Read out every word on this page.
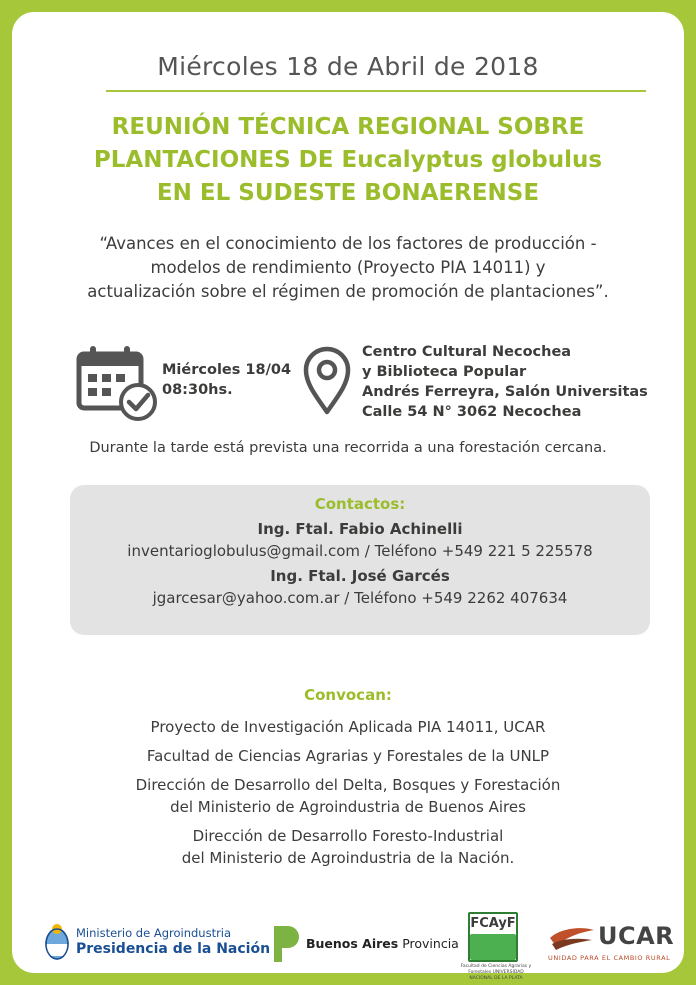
Miércoles 18 de Abril de 2018
REUNIÓN TÉCNICA REGIONAL SOBRE
PLANTACIONES DE Eucalyptus globulus
EN EL SUDESTE BONAERENSE
“Avances en el conocimiento de los factores de producción -
modelos de rendimiento (Proyecto PIA 14011) y
actualización sobre el régimen de promoción de plantaciones”.
Miércoles 18/04
08:30hs.
Centro Cultural Necochea
y Biblioteca Popular
Andrés Ferreyra, Salón Universitas
Calle 54 N° 3062 Necochea
Durante la tarde está prevista una recorrida a una forestación cercana.
Contactos:
Ing. Ftal. Fabio Achinelli
inventarioglobulus@gmail.com / Teléfono +549 221 5 225578
Ing. Ftal. José Garcés
jgarcesar@yahoo.com.ar / Teléfono +549 2262 407634
Convocan:
Proyecto de Investigación Aplicada PIA 14011, UCAR
Facultad de Ciencias Agrarias y Forestales de la UNLP
Dirección de Desarrollo del Delta, Bosques y Forestación
del Ministerio de Agroindustria de Buenos Aires
Dirección de Desarrollo Foresto-Industrial
del Ministerio de Agroindustria de la Nación.
Ministerio de Agroindustria
Presidencia de la Nación	Buenos Aires Provincia
FCAyF
Facultad de Ciencias Agrarias y Forestales UNIVERSIDAD NACIONAL DE LA PLATA
UCAR
UNIDAD PARA EL CAMBIO RURAL
